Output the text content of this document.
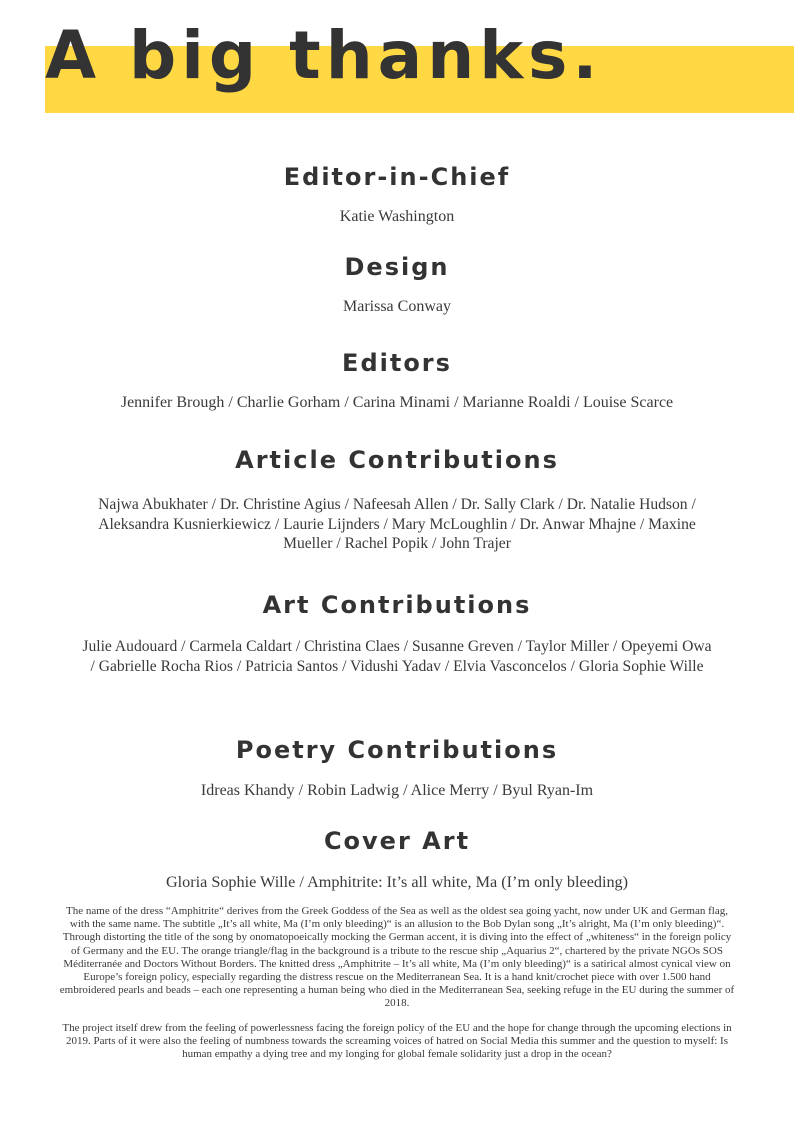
A big thanks.
Editor-in-Chief

Katie Washington

Design

Marissa Conway

Editors

Jennifer Brough / Charlie Gorham / Carina Minami / Marianne Roaldi / Louise Scarce

Article Contributions

Najwa Abukhater / Dr. Christine Agius / Nafeesah Allen / Dr. Sally Clark / Dr. Natalie Hudson / Aleksandra Kusnierkiewicz / Laurie Lijnders / Mary McLoughlin / Dr. Anwar Mhajne / Maxine Mueller / Rachel Popik / John Trajer

Art Contributions

Julie Audouard / Carmela Caldart / Christina Claes / Susanne Greven / Taylor Miller / Opeyemi Owa / Gabrielle Rocha Rios / Patricia Santos / Vidushi Yadav / Elvia Vasconcelos / Gloria Sophie Wille

Poetry Contributions

Idreas Khandy / Robin Ladwig / Alice Merry / Byul Ryan-Im

Cover Art

Gloria Sophie Wille / Amphitrite: It’s all white, Ma (I’m only bleeding)

The name of the dress “Amphitrite“ derives from the Greek Goddess of the Sea as well as the oldest sea going yacht, now under UK and German flag, with the same name. The subtitle „It’s all white, Ma (I’m only bleeding)“ is an allusion to the Bob Dylan song „It’s alright, Ma (I’m only bleeding)“. Through distorting the title of the song by onomatopoeically mocking the German accent, it is diving into the effect of „whiteness“ in the foreign policy of Germany and the EU. The orange triangle/flag in the background is a tribute to the rescue ship „Aquarius 2“, chartered by the private NGOs SOS Méditerranée and Doctors Without Borders. The knitted dress „Amphitrite – It’s all white, Ma (I’m only bleeding)“ is a satirical almost cynical view on Europe’s foreign policy, especially regarding the distress rescue on the Mediterranean Sea. It is a hand knit/crochet piece with over 1.500 hand embroidered pearls and beads – each one representing a human being who died in the Mediterranean Sea, seeking refuge in the EU during the summer of 2018.

The project itself drew from the feeling of powerlessness facing the foreign policy of the EU and the hope for change through the upcoming elections in 2019. Parts of it were also the feeling of numbness towards the screaming voices of hatred on Social Media this summer and the question to myself: Is human empathy a dying tree and my longing for global female solidarity just a drop in the ocean?
